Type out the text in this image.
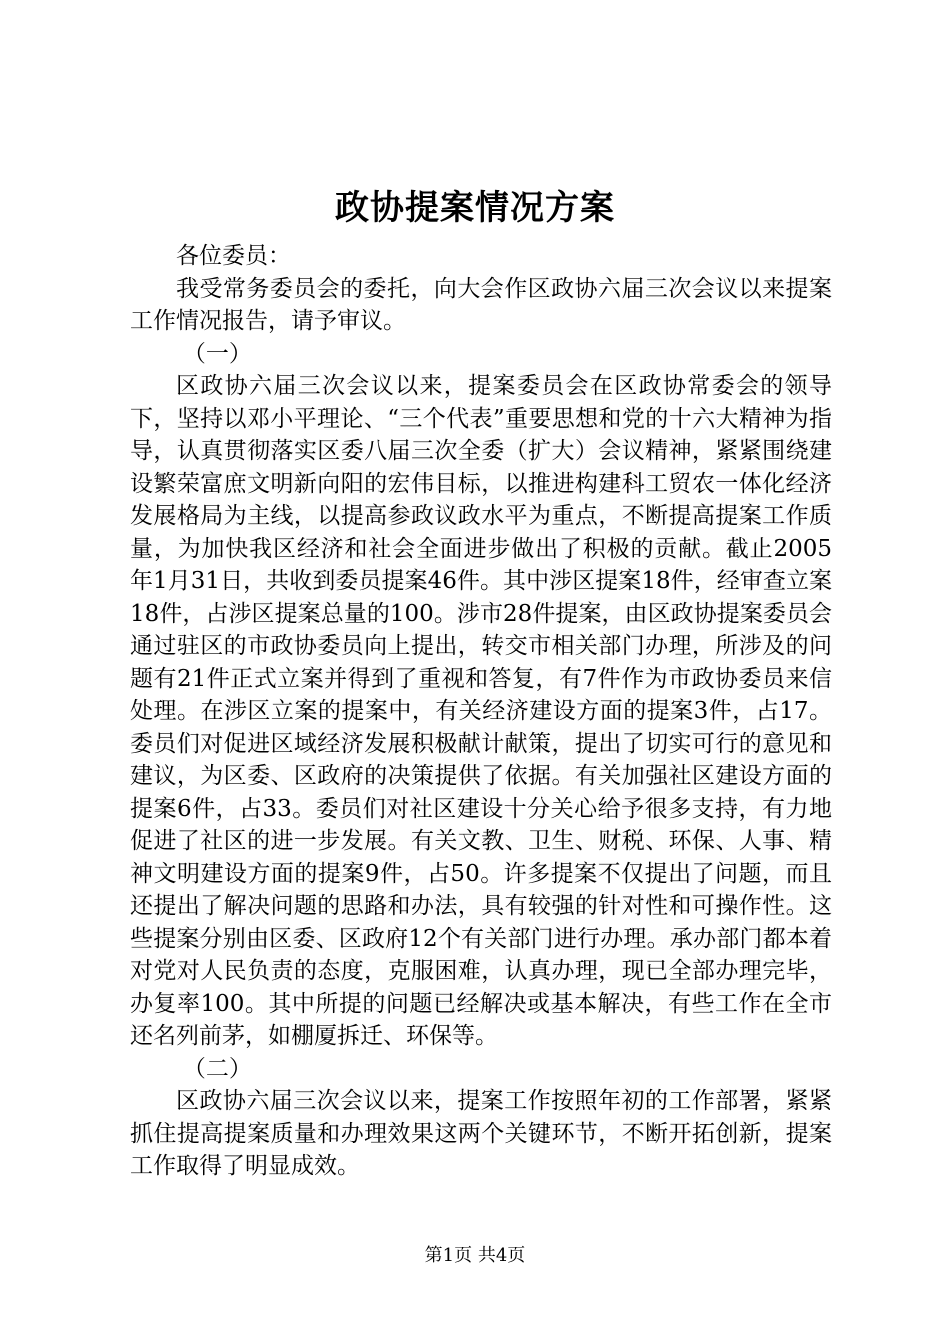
政协提案情况方案

各位委员：

我受常务委员会的委托，向大会作区政协六届三次会议以来提案工作情况报告，请予审议。

（一）

区政协六届三次会议以来，提案委员会在区政协常委会的领导下，坚持以邓小平理论、“三个代表”重要思想和党的十六大精神为指导，认真贯彻落实区委八届三次全委（扩大）会议精神，紧紧围绕建设繁荣富庶文明新向阳的宏伟目标，以推进构建科工贸农一体化经济发展格局为主线，以提高参政议政水平为重点，不断提高提案工作质量，为加快我区经济和社会全面进步做出了积极的贡献。截止2005年1月31日，共收到委员提案46件。其中涉区提案18件，经审查立案18件，占涉区提案总量的100。涉市28件提案，由区政协提案委员会通过驻区的市政协委员向上提出，转交市相关部门办理，所涉及的问题有21件正式立案并得到了重视和答复，有7件作为市政协委员来信处理。在涉区立案的提案中，有关经济建设方面的提案3件，占17。委员们对促进区域经济发展积极献计献策，提出了切实可行的意见和建议，为区委、区政府的决策提供了依据。有关加强社区建设方面的提案6件，占33。委员们对社区建设十分关心给予很多支持，有力地促进了社区的进一步发展。有关文教、卫生、财税、环保、人事、精神文明建设方面的提案9件，占50。许多提案不仅提出了问题，而且还提出了解决问题的思路和办法，具有较强的针对性和可操作性。这些提案分别由区委、区政府12个有关部门进行办理。承办部门都本着对党对人民负责的态度，克服困难，认真办理，现已全部办理完毕，办复率100。其中所提的问题已经解决或基本解决，有些工作在全市还名列前茅，如棚厦拆迁、环保等。

（二）

区政协六届三次会议以来，提案工作按照年初的工作部署，紧紧抓住提高提案质量和办理效果这两个关键环节，不断开拓创新，提案工作取得了明显成效。

第1页 共4页
